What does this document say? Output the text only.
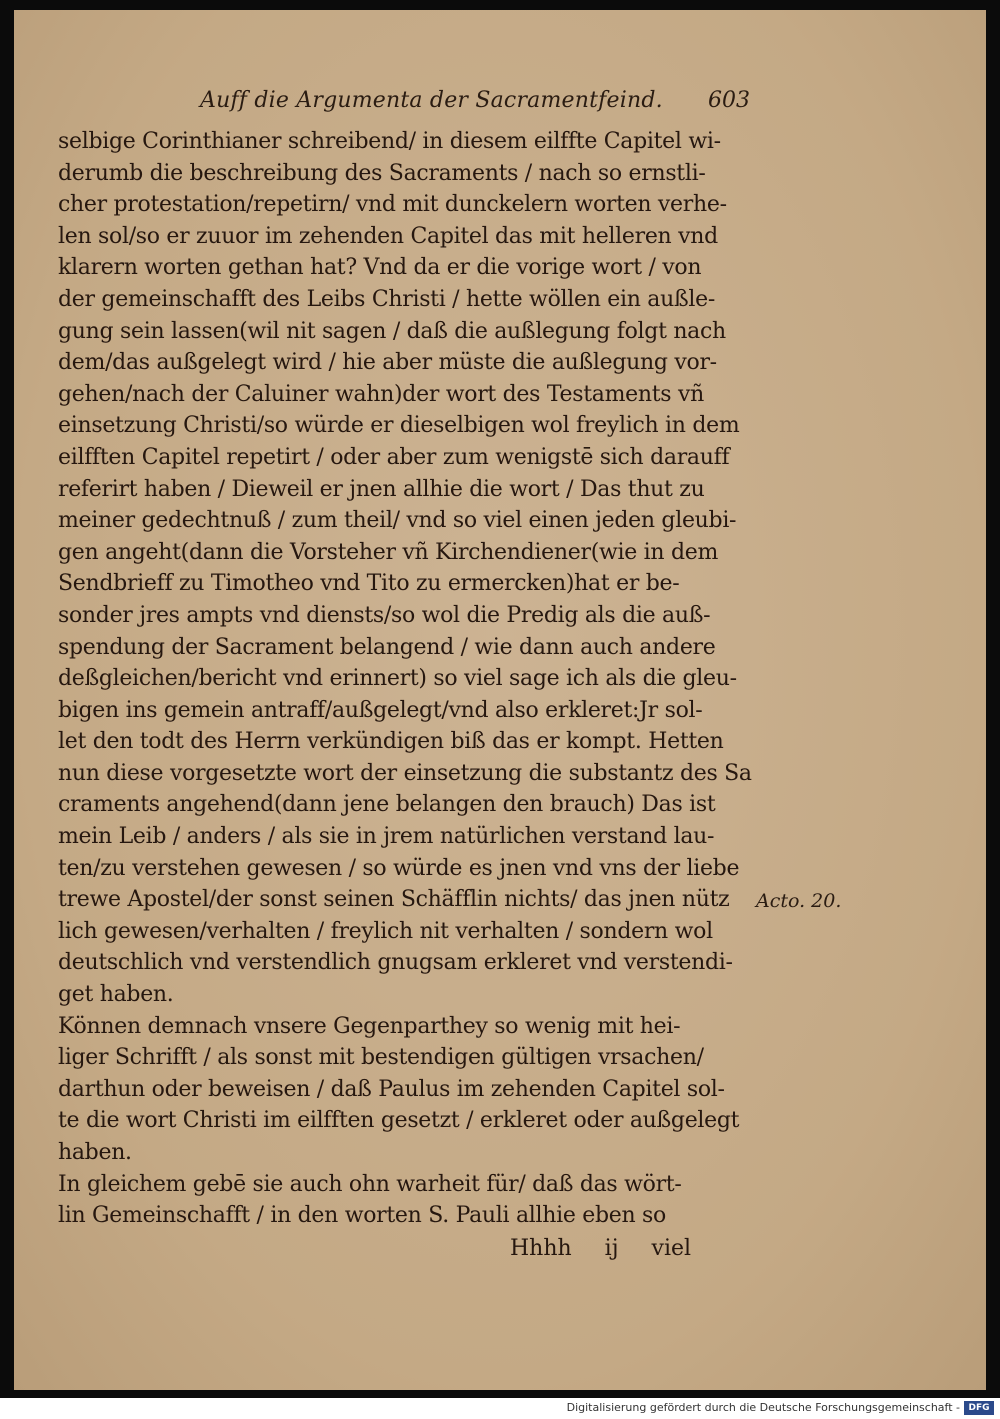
Auff die Argumenta der Sacramentfeind. 603
selbige Corinthianer schreibend/ in diesem eilffte Capitel wi-
derumb die beschreibung des Sacraments / nach so ernstli-
cher protestation/repetirn/ vnd mit dunckelern worten verhe-
len sol/so er zuuor im zehenden Capitel das mit helleren vnd
klarern worten gethan hat? Vnd da er die vorige wort / von
der gemeinschafft des Leibs Christi / hette wöllen ein außle-
gung sein lassen(wil nit sagen / daß die außlegung folgt nach
dem/das außgelegt wird / hie aber müste die außlegung vor-
gehen/nach der Caluiner wahn)der wort des Testaments vñ
einsetzung Christi/so würde er dieselbigen wol freylich in dem
eilfften Capitel repetirt / oder aber zum wenigstē sich darauff
referirt haben / Dieweil er jnen allhie die wort / Das thut zu
meiner gedechtnuß / zum theil/ vnd so viel einen jeden gleubi-
gen angeht(dann die Vorsteher vñ Kirchendiener(wie in dem
Sendbrieff zu Timotheo vnd Tito zu ermercken)hat er be-
sonder jres ampts vnd diensts/so wol die Predig als die auß-
spendung der Sacrament belangend / wie dann auch andere
deßgleichen/bericht vnd erinnert) so viel sage ich als die gleu-
bigen ins gemein antraff/außgelegt/vnd also erkleret:Jr sol-
let den todt des Herrn verkündigen biß das er kompt. Hetten
nun diese vorgesetzte wort der einsetzung die substantz des Sa
craments angehend(dann jene belangen den brauch) Das ist
mein Leib / anders / als sie in jrem natürlichen verstand lau-
ten/zu verstehen gewesen / so würde es jnen vnd vns der liebe
trewe Apostel/der sonst seinen Schäfflin nichts/ das jnen nütz
lich gewesen/verhalten / freylich nit verhalten / sondern wol
deutschlich vnd verstendlich gnugsam erkleret vnd verstendi-
get haben.
Können demnach vnsere Gegenparthey so wenig mit hei-
liger Schrifft / als sonst mit bestendigen gültigen vrsachen/
darthun oder beweisen / daß Paulus im zehenden Capitel sol-
te die wort Christi im eilfften gesetzt / erkleret oder außgelegt
haben.
In gleichem gebē sie auch ohn warheit für/ daß das wört-
lin Gemeinschafft / in den worten S. Pauli allhie eben so
Acto. 20.
Hhhh ij viel
Digitalisierung gefördert durch die Deutsche Forschungsgemeinschaft - DFG
